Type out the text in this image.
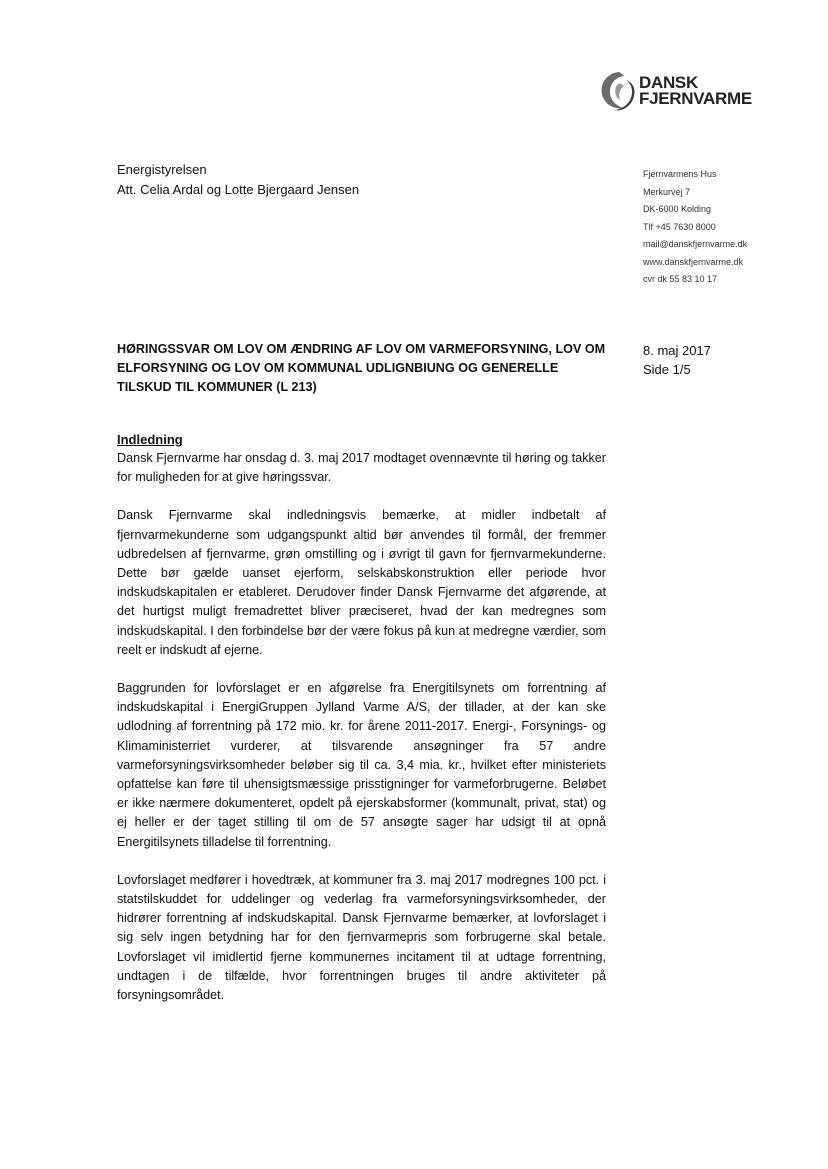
DANSK
FJERNVARME
Energistyrelsen
Att. Celia Ardal og Lotte Bjergaard Jensen
Fjernvarmens Hus
Merkurvej 7
DK-6000 Kolding
Tlf +45 7630 8000
mail@danskfjernvarme.dk
www.danskfjernvarme.dk
cvr dk 55 83 10 17
HØRINGSSVAR OM LOV OM ÆNDRING AF LOV OM VARMEFORSYNING, LOV OM ELFORSYNING OG LOV OM KOMMUNAL UDLIGNBIUNG OG GENERELLE TILSKUD TIL KOMMUNER (L 213)
8. maj 2017
Side 1/5
Indledning

Dansk Fjernvarme har onsdag d. 3. maj 2017 modtaget ovennævnte til høring og takker for muligheden for at give høringssvar.

Dansk Fjernvarme skal indledningsvis bemærke, at midler indbetalt af fjernvarmekunderne som udgangspunkt altid bør anvendes til formål, der fremmer udbredelsen af fjernvarme, grøn omstilling og i øvrigt til gavn for fjernvarmekunderne. Dette bør gælde uanset ejerform, selskabskonstruktion eller periode hvor indskudskapitalen er etableret. Derudover finder Dansk Fjernvarme det afgørende, at det hurtigst muligt fremadrettet bliver præciseret, hvad der kan medregnes som indskudskapital. I den forbindelse bør der være fokus på kun at medregne værdier, som reelt er indskudt af ejerne.

Baggrunden for lovforslaget er en afgørelse fra Energitilsynets om forrentning af indskudskapital i EnergiGruppen Jylland Varme A/S, der tillader, at der kan ske udlodning af forrentning på 172 mio. kr. for årene 2011-2017. Energi-, Forsynings- og Klimaministerriet vurderer, at tilsvarende ansøgninger fra 57 andre varmeforsyningsvirksomheder beløber sig til ca. 3,4 mia. kr., hvilket efter ministeriets opfattelse kan føre til uhensigtsmæssige prisstigninger for varmeforbrugerne. Beløbet er ikke nærmere dokumenteret, opdelt på ejerskabsformer (kommunalt, privat, stat) og ej heller er der taget stilling til om de 57 ansøgte sager har udsigt til at opnå Energitilsynets tilladelse til forrentning.

Lovforslaget medfører i hovedtræk, at kommuner fra 3. maj 2017 modregnes 100 pct. i statstilskuddet for uddelinger og vederlag fra varmeforsyningsvirksomheder, der hidrører forrentning af indskudskapital. Dansk Fjernvarme bemærker, at lovforslaget i sig selv ingen betydning har for den fjernvarmepris som forbrugerne skal betale. Lovforslaget vil imidlertid fjerne kommunernes incitament til at udtage forrentning, undtagen i de tilfælde, hvor forrentningen bruges til andre aktiviteter på forsyningsområdet.
